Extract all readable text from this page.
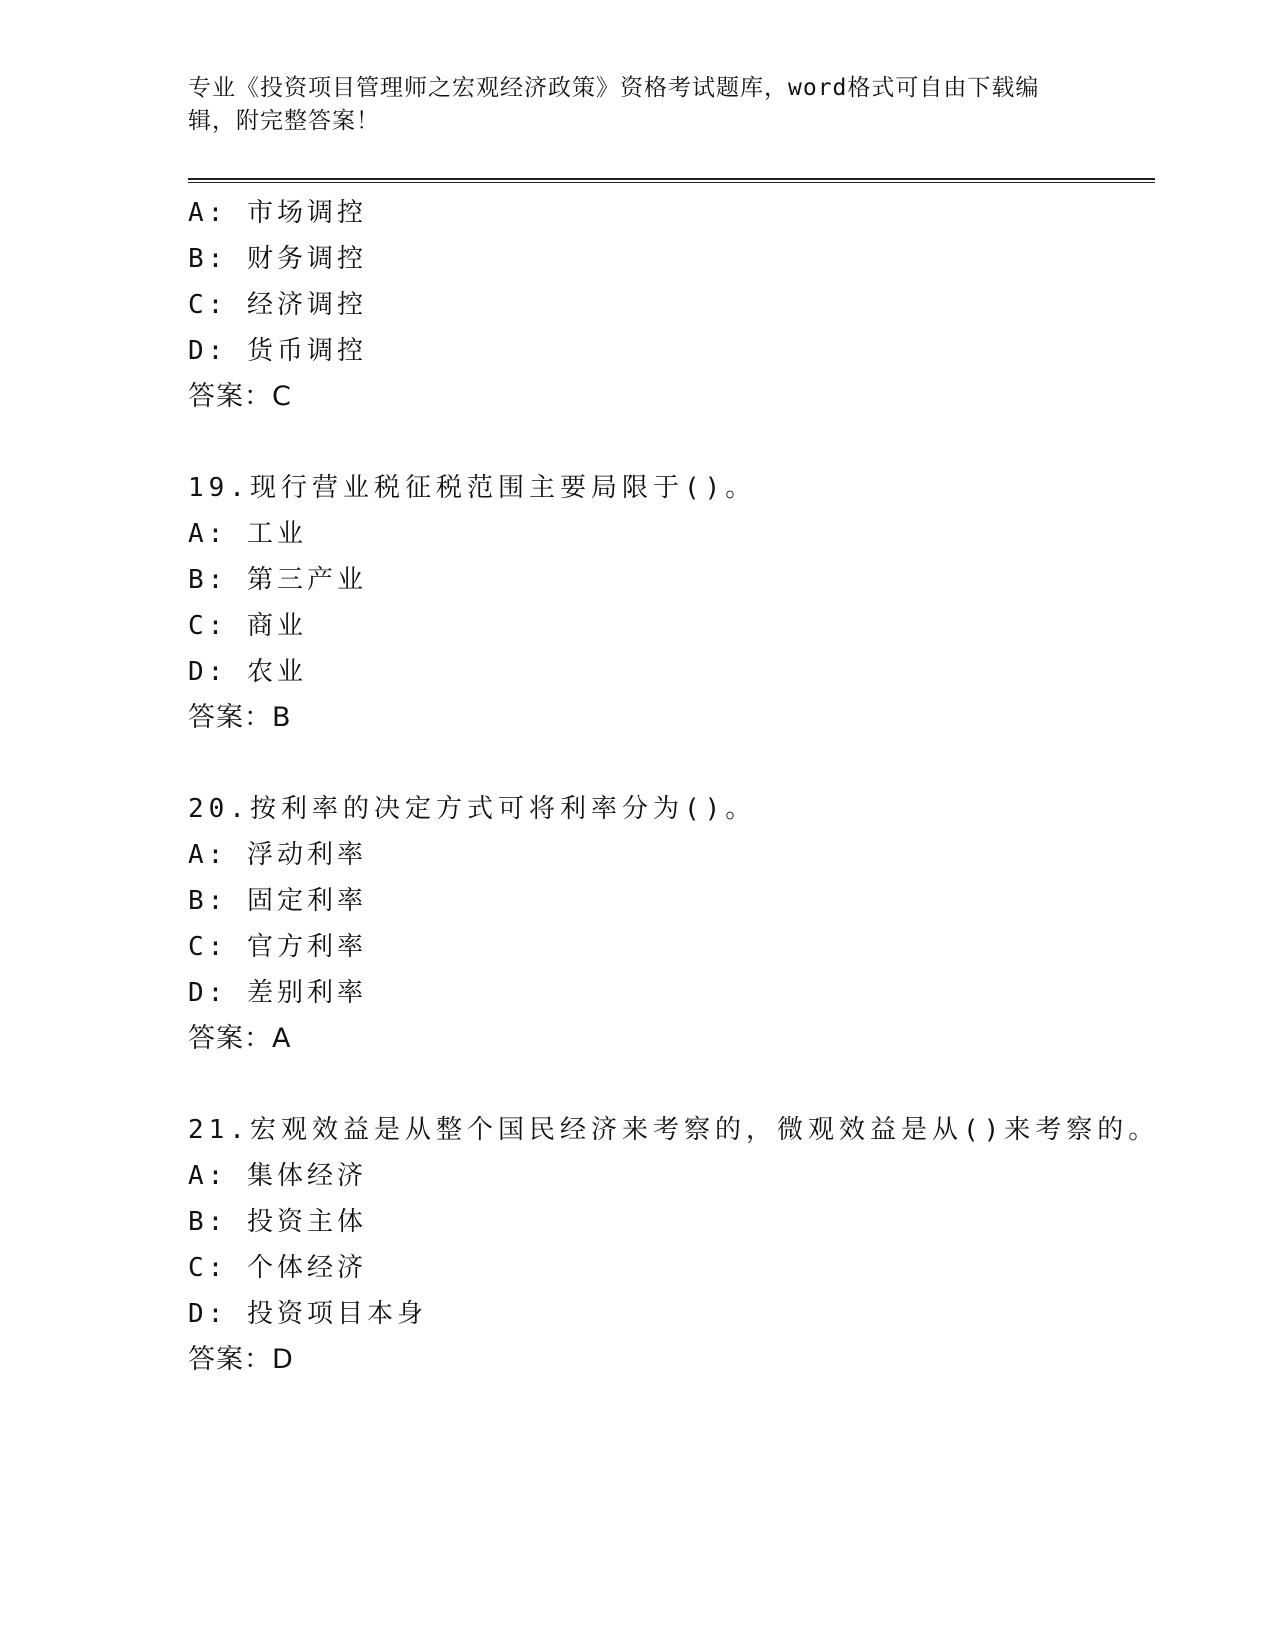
专业《投资项目管理师之宏观经济政策》资格考试题库，word格式可自由下载编
辑，附完整答案！
A: 市场调控
B: 财务调控
C: 经济调控
D: 货币调控
答案：C
19.现行营业税征税范围主要局限于()。
A: 工业
B: 第三产业
C: 商业
D: 农业
答案：B
20.按利率的决定方式可将利率分为()。
A: 浮动利率
B: 固定利率
C: 官方利率
D: 差别利率
答案：A
21.宏观效益是从整个国民经济来考察的，微观效益是从()来考察的。
A: 集体经济
B: 投资主体
C: 个体经济
D: 投资项目本身
答案：D
